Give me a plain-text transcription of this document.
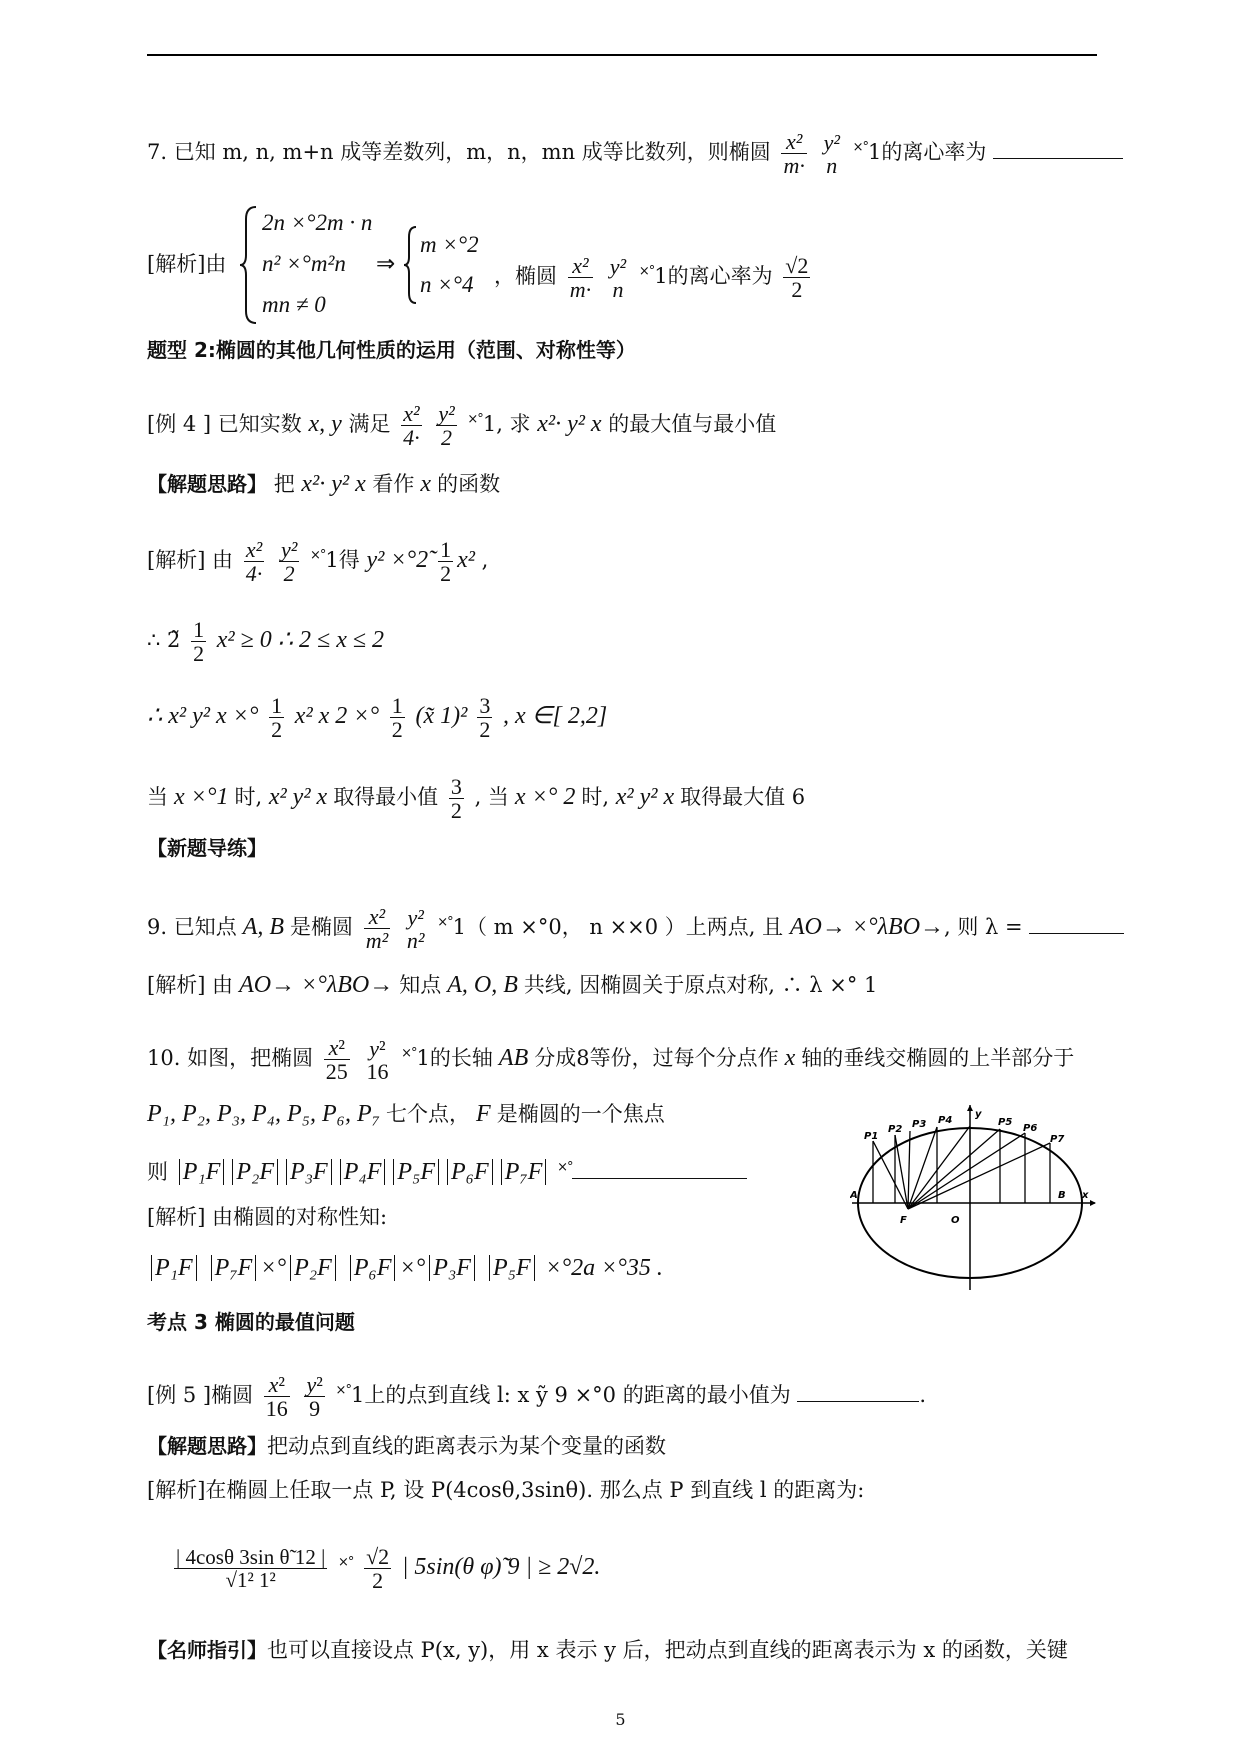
7. 已知 m, n, m+n 成等差数列，m，n，mn 成等比数列，则椭圆 $\frac{\text{x²}}{m\cdot}$
y²
n
×°1的离心率为
[解析]由
2n ×°2m · n
n² ×°m²n
mn ≠ 0
⇒
m ×°2
n ×°4 ，椭圆 $\frac{\text{x²}}{m\cdot}$
y²
n
×°1的离心率为 $\frac{√2}{2}$
题型 2:椭圆的其他几何性质的运用（范围、对称性等）
[例 4 ] 已知实数 x, y 满足 $\frac{\text{x²}}{4\cdot}$
$\frac{\text{y²}}{2} ^{\times^\circ}1$, 求 x²· y² x 的最大值与最小值
【解题思路】 把 x²· y² x 看作 x 的函数
[解析] 由 $\frac{\text{x²}}{4\cdot}$
$\frac{\text{y²}}{2} ^{\times^\circ}1$得 y² ×°2̃ $\frac{1}{2} x^2$ ,
∴ 2̃ $\frac{1}{2} x^2 \ge 0$ ∴ 2 ≤ x ≤ 2
∴ x² y² x ×° $\frac{1}{2} x^2$ x 2 ×° $\frac{1}{2}$ (x̃ $1)^2 \frac{3}{2}$ , x ∈[ 2,2]
当 x ×°1 时, x² y² x 取得最小值 $\frac{3}{2}$ , 当 x ×° 2 时, x² y² x 取得最大值 6
【新题导练】
9. 已知点 A, B 是椭圆 $\frac{\text{x²}}{\text{m²}}$
y²
n²
×°1（ m ×°0， n ××0 ）上两点, 且 AO→ ×°λBO→, 则 λ =
[解析] 由 AO→ ×°λBO→ 知点 A, O, B 共线, 因椭圆关于原点对称, ∴ λ ×° 1
10. 如图，把椭圆 $\frac{\text{x²}}{25}$
y²
16
×°1的长轴 AB 分成8等份，过每个分点作 x 轴的垂线交椭圆的上半部分于
P₁, P₂, P₃, P₄, P₅, P₆, P₇ 七个点， F 是椭圆的一个焦点
则 P₁F P₂F P₃F P₄F P₅F P₆F P₇F ×°
[解析] 由椭圆的对称性知:
P₁F P₇F ×° P₂F P₆F ×° P₃F P₅F ×°2a ×°35 .
y
x
A	B
F	O
P1
P2 P3 P4	P5
P6
P7
考点 3 椭圆的最值问题
[例 5 ]椭圆 $\frac{\text{x²}}{16}$
$\frac{\text{y²}}{9} ^{\times^\circ}1$上的点到直线 l: x ỹ 9 ×°0 的距离的最小值为	.
【解题思路】把动点到直线的距离表示为某个变量的函数
[解析]在椭圆上任取一点 P, 设 P(4cosθ,3sinθ). 那么点 P 到直线 l 的距离为:
$\frac{\text{| 4cosθ 3sin θ̃ 12 |}}{\text{√1² 1²}} ^{\times^\circ} \frac{√2}{2}$ | 5sin(θ φ)̃ 9 | ≥ 2√2.
【名师指引】也可以直接设点 P(x, y)，用 x 表示 y 后，把动点到直线的距离表示为 x 的函数，关键
5
